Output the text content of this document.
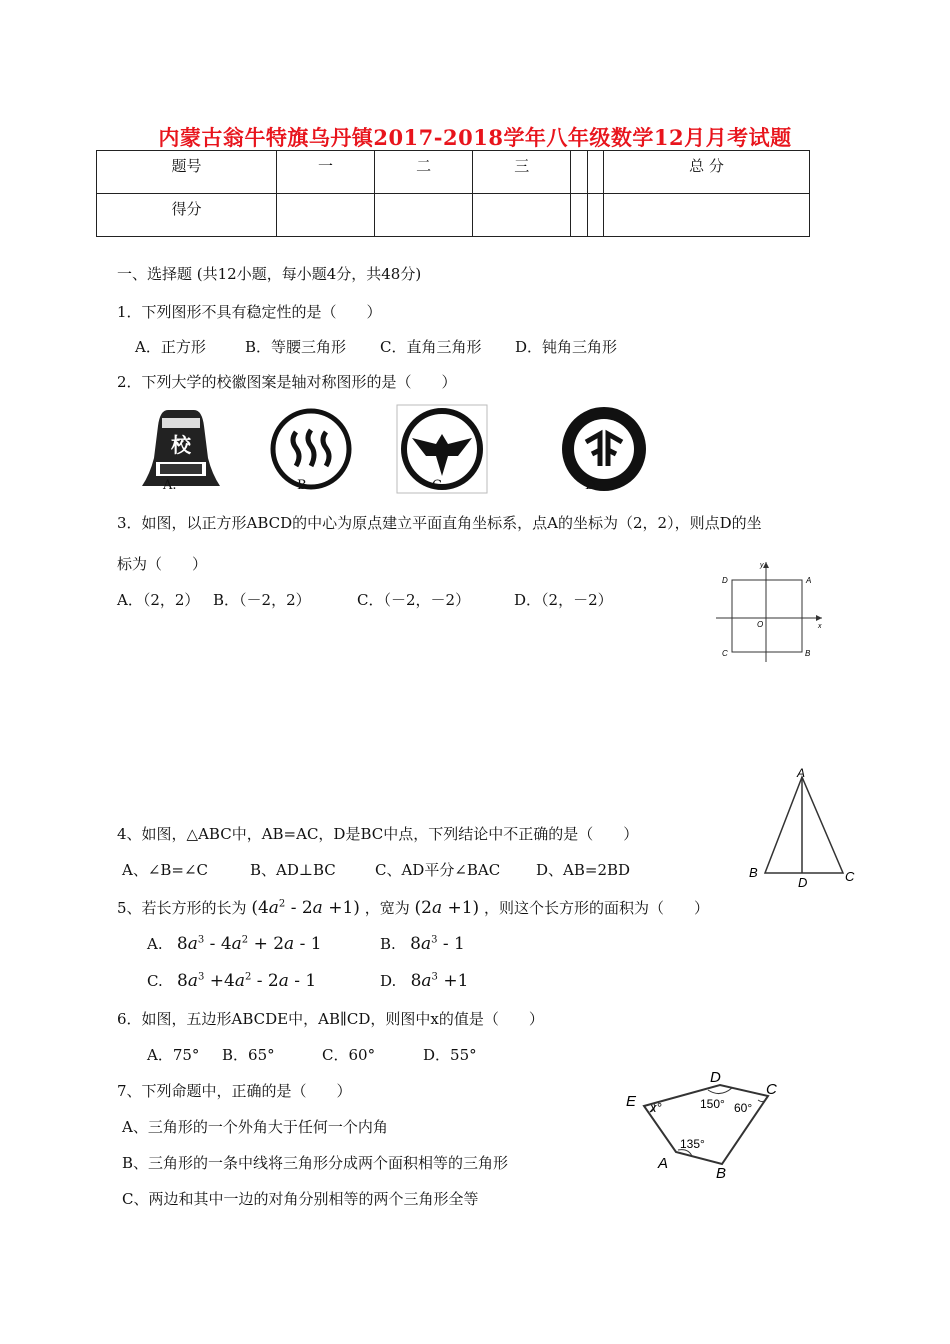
内蒙古翁牛特旗乌丹镇2017-2018学年八年级数学12月月考试题
题号	一	二	三			总 分
得分						
一、选择题 (共12小题，每小题4分，共48分)
1．下列图形不具有稳定性的是（　　）
A．正方形	B．等腰三角形 C．直角三角形 D．钝角三角形
2．下列大学的校徽图案是轴对称图形的是（　　）
校
A.	B.	C.	D.
3．如图，以正方形ABCD的中心为原点建立平面直角坐标系，点A的坐标为（2，2），则点D的坐
标为（　　）
A．（2，2） B．（－2，2）	C．（－2，－2）	D．（2，－2）
D	A
C	B
O	x
y
A
B	C
D
4、如图，△ABC中，AB=AC，D是BC中点，下列结论中不正确的是（　　）
A、∠B=∠C	B、AD⊥BC	C、AD平分∠BAC D、AB=2BD
5、若长方形的长为 $(4a^2 - 2a +1)$ ，宽为 (2a +1) ，则这个长方形的面积为（　　）
A. $8a^3 - 4a^2 + 2a - 1$	B. $8a^3 - 1$
C. $8a^3 +4a^2 - 2a - 1$	D. $8a^3 +1$
6．如图，五边形ABCDE中，AB∥CD，则图中x的值是（　　）
A．75° B．65°	C．60°	D．55°
7、下列命题中，正确的是（　　）
A、三角形的一个外角大于任何一个内角
B、三角形的一条中线将三角形分成两个面积相等的三角形
C、两边和其中一边的对角分别相等的两个三角形全等
E
D
C
A
B
x°	150° 60°
135°
